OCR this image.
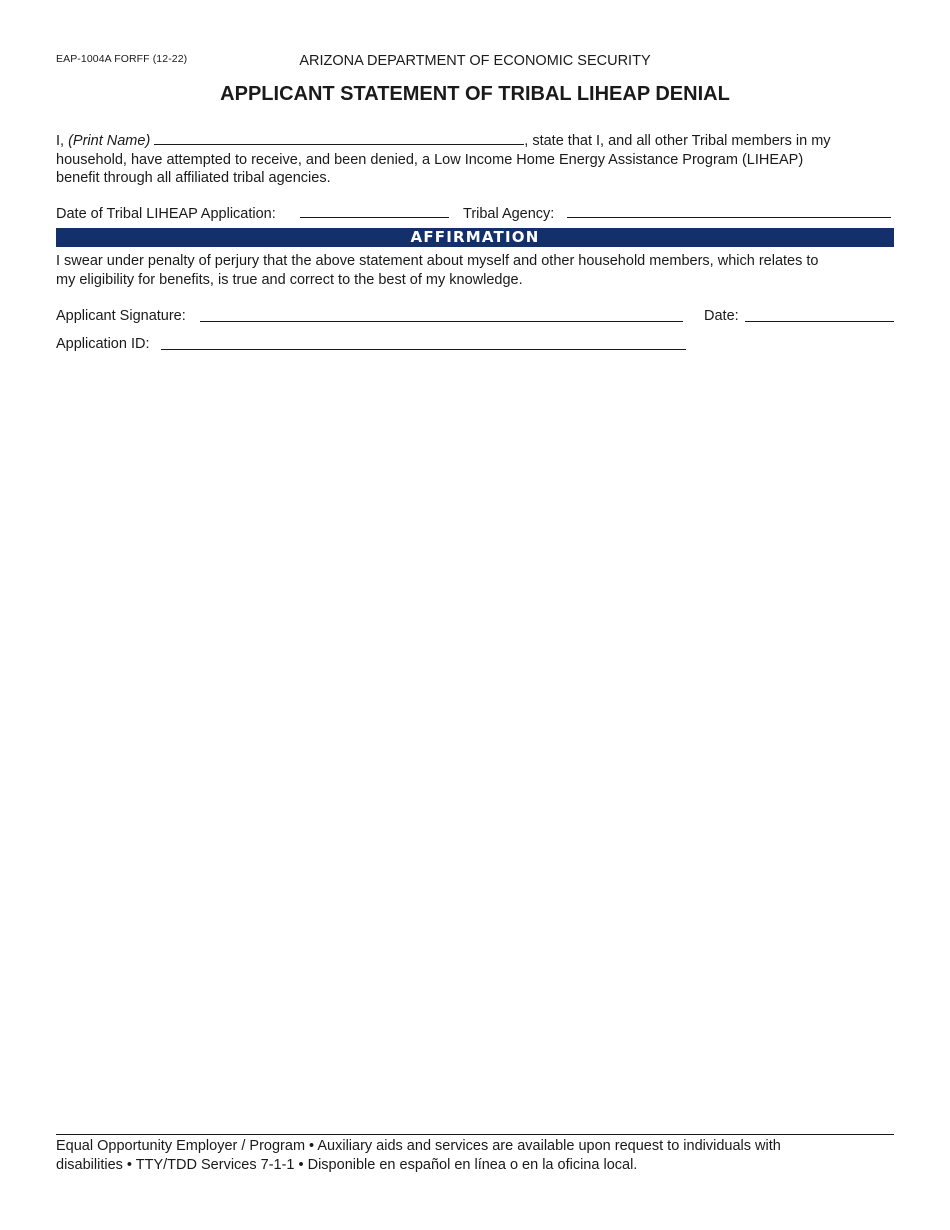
EAP-1004A FORFF (12-22)	ARIZONA DEPARTMENT OF ECONOMIC SECURITY
APPLICANT STATEMENT OF TRIBAL LIHEAP DENIAL
I, (Print Name)	, state that I, and all other Tribal members in my
household, have attempted to receive, and been denied, a Low Income Home Energy Assistance Program (LIHEAP)
benefit through all affiliated tribal agencies.
Date of Tribal LIHEAP Application:	Tribal Agency:
AFFIRMATION
I swear under penalty of perjury that the above statement about myself and other household members, which relates to
my eligibility for benefits, is true and correct to the best of my knowledge.
Applicant Signature:	Date:
Application ID:
Equal Opportunity Employer / Program • Auxiliary aids and services are available upon request to individuals with
disabilities • TTY/TDD Services 7-1-1 • Disponible en español en línea o en la oficina local.
